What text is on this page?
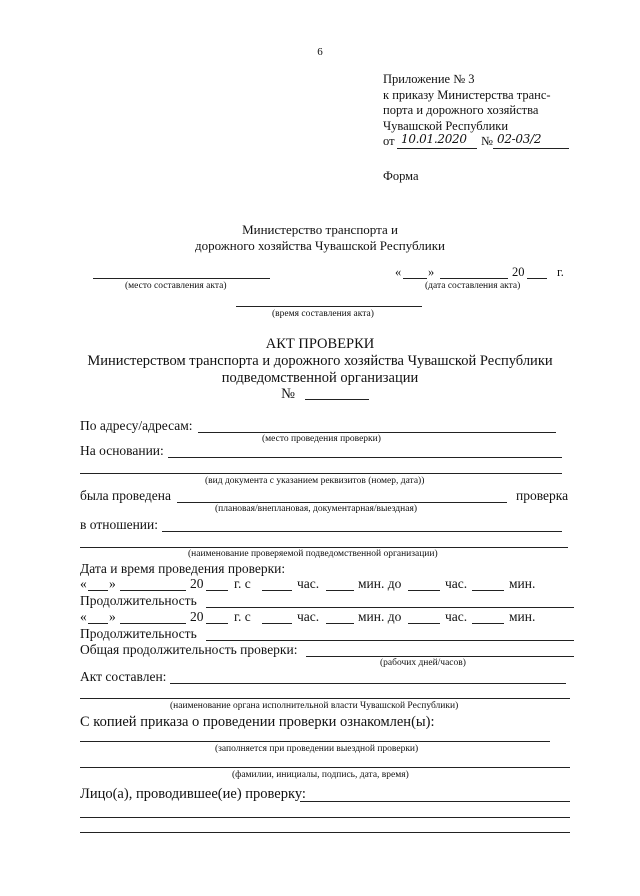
6
Приложение № 3
к приказу Министерства транс-
порта и дорожного хозяйства
Чувашской Республики
от 10.01.2020 № 02-03/2
Форма
Министерство транспорта и
дорожного хозяйства Чувашской Республики
(место составления акта)
« »	20	г.
(дата составления акта)
(время составления акта)
АКТ ПРОВЕРКИ
Министерством транспорта и дорожного хозяйства Чувашской Республики
подведомственной организации
№
По адресу/адресам:
(место проведения проверки)
На основании:
(вид документа с указанием реквизитов (номер, дата))
была проведена	проверка
(плановая/внеплановая, документарная/выездная)
в отношении:
(наименование проверяемой подведомственной организации)
Дата и время проведения проверки:
« »	20 г. с	час.	мин. до	час.	мин.
Продолжительность
« »	20 г. с	час.	мин. до	час.	мин.
Продолжительность
Общая продолжительность проверки:
(рабочих дней/часов)
Акт составлен:
(наименование органа исполнительной власти Чувашской Республики)
С копией приказа о проведении проверки ознакомлен(ы):
(заполняется при проведении выездной проверки)
(фамилии, инициалы, подпись, дата, время)
Лицо(а), проводившее(ие) проверку:
